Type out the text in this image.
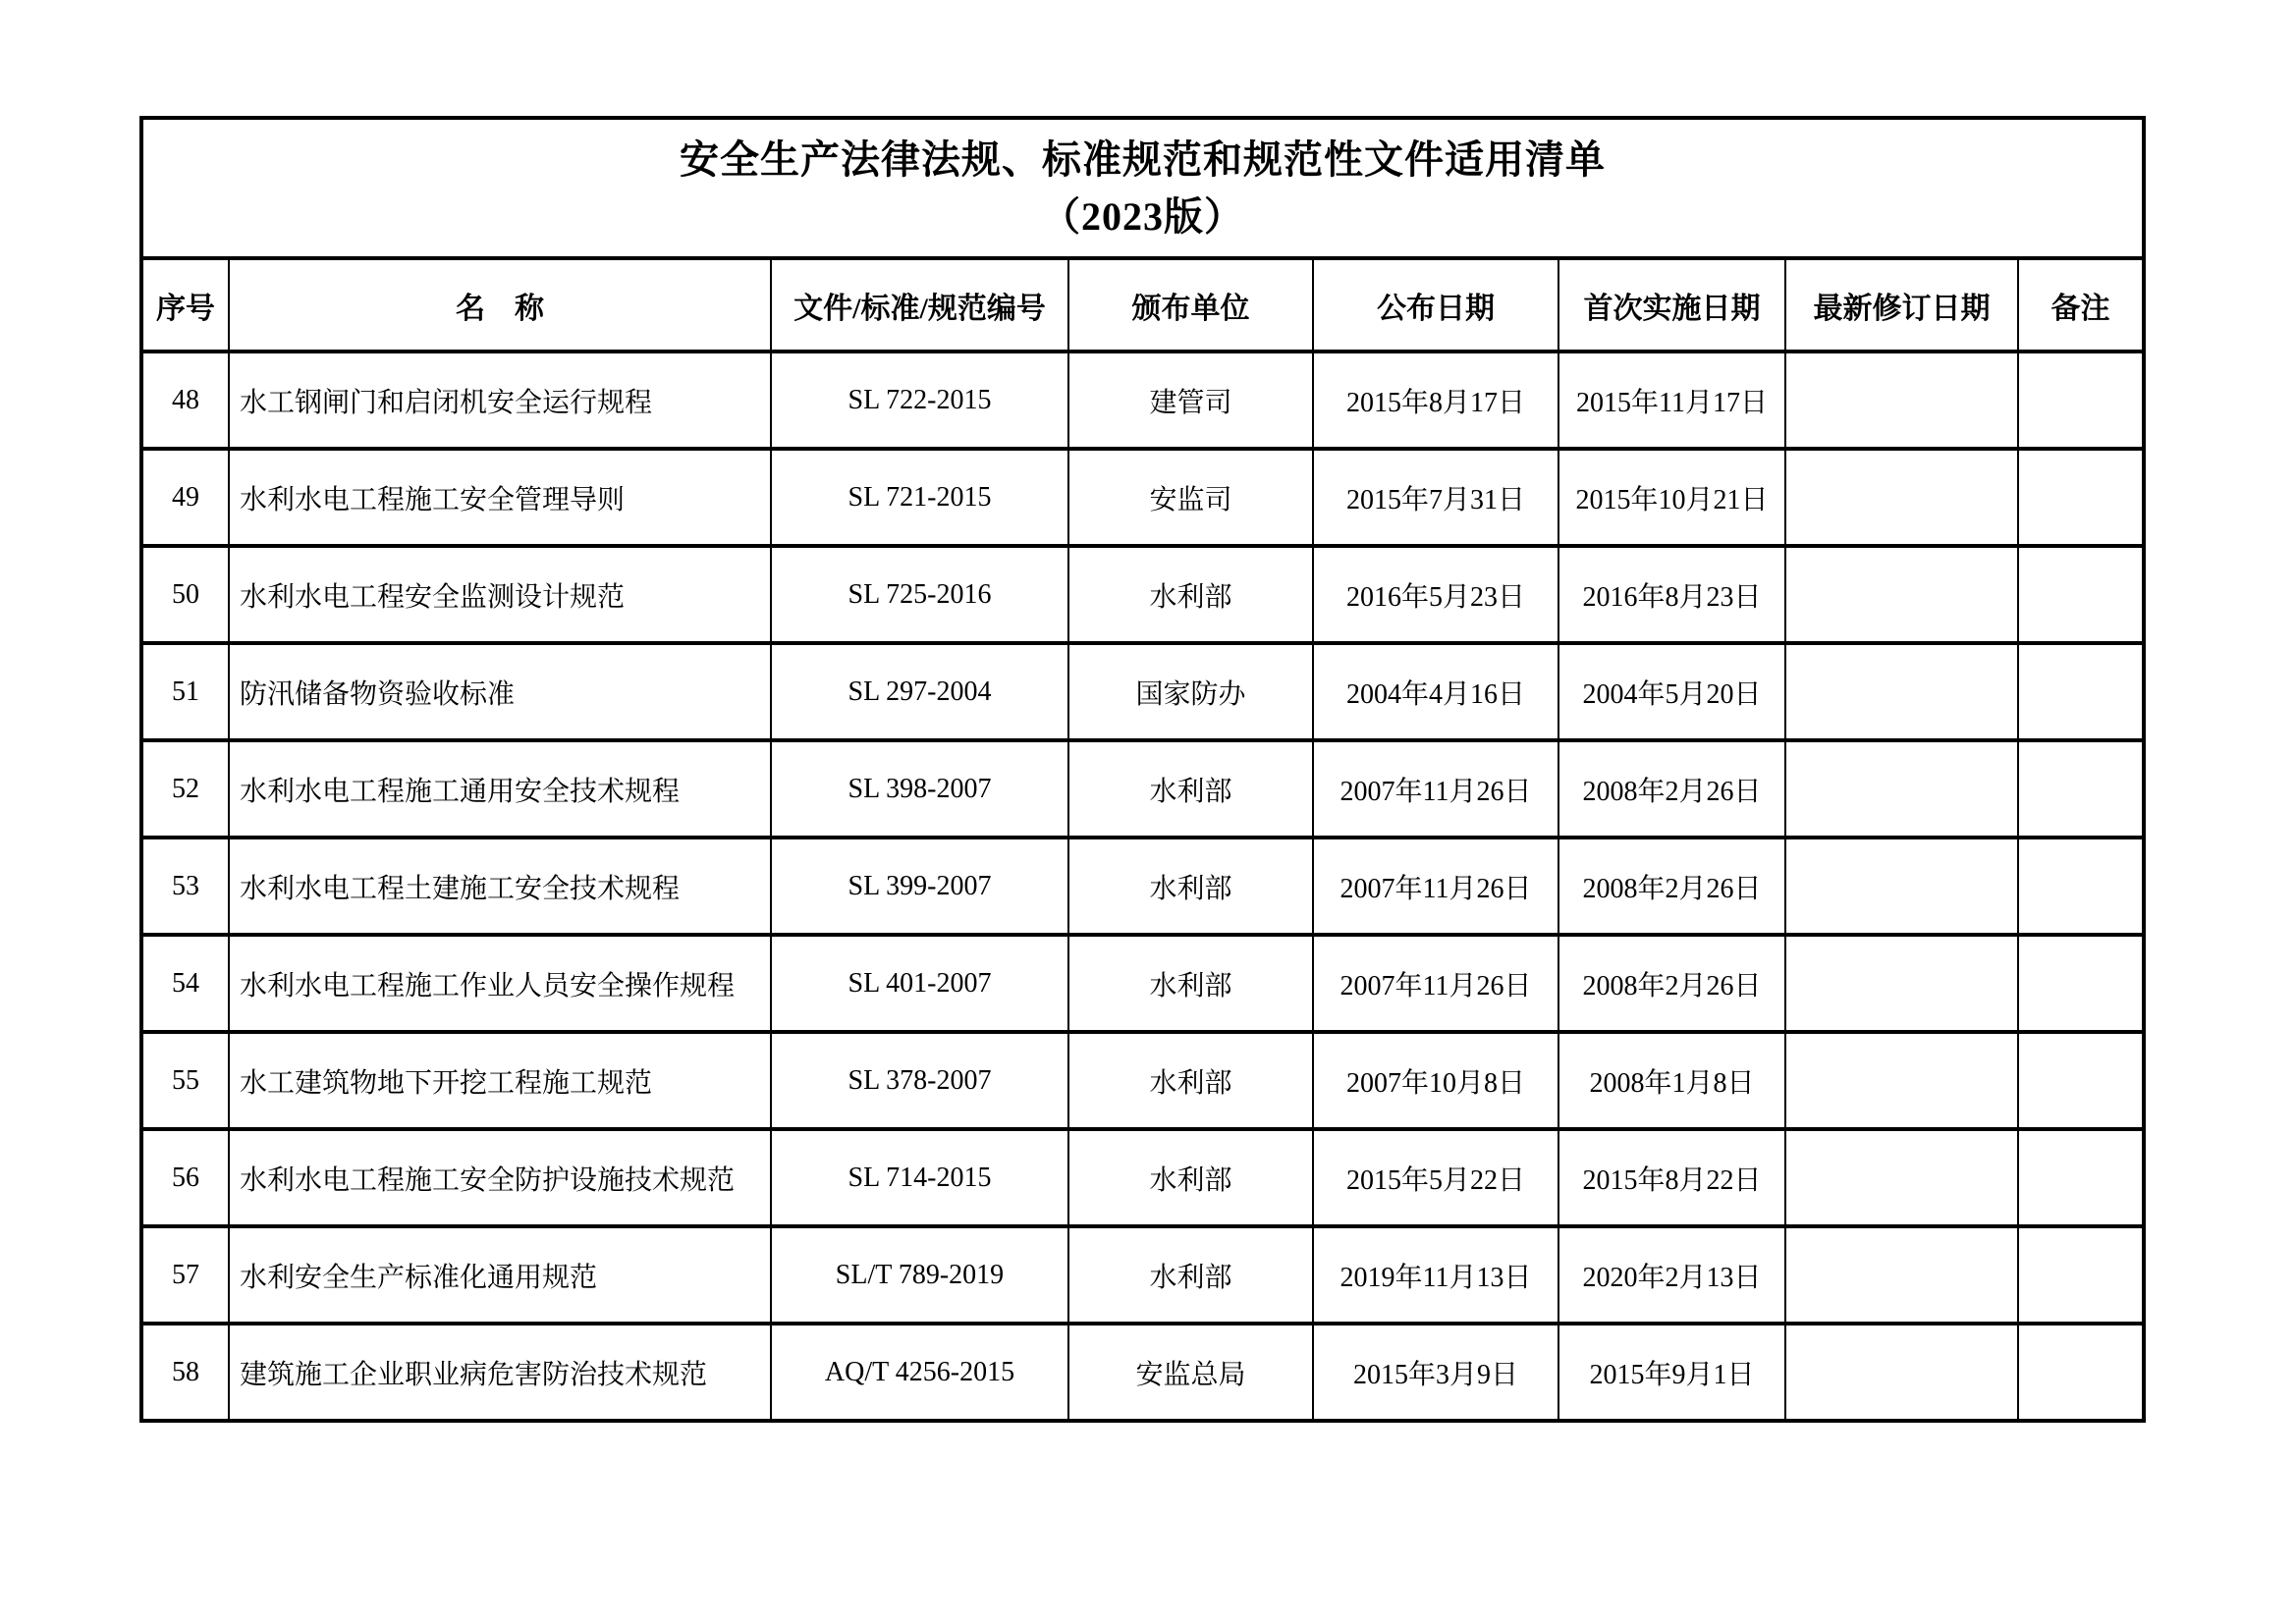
安全生产法律法规、标准规范和规范性文件适用清单
（2023版）							

序号	名　称	文件/标准/规范编号	颁布单位	公布日期	首次实施日期	最新修订日期	备注
48	水工钢闸门和启闭机安全运行规程	SL 722-2015	建管司	2015年8月17日	2015年11月17日		
49	水利水电工程施工安全管理导则	SL 721-2015	安监司	2015年7月31日	2015年10月21日		
50	水利水电工程安全监测设计规范	SL 725-2016	水利部	2016年5月23日	2016年8月23日		
51	防汛储备物资验收标准	SL 297-2004	国家防办	2004年4月16日	2004年5月20日		
52	水利水电工程施工通用安全技术规程	SL 398-2007	水利部	2007年11月26日	2008年2月26日		
53	水利水电工程土建施工安全技术规程	SL 399-2007	水利部	2007年11月26日	2008年2月26日		
54	水利水电工程施工作业人员安全操作规程	SL 401-2007	水利部	2007年11月26日	2008年2月26日		
55	水工建筑物地下开挖工程施工规范	SL 378-2007	水利部	2007年10月8日	2008年1月8日		
56	水利水电工程施工安全防护设施技术规范	SL 714-2015	水利部	2015年5月22日	2015年8月22日		
57	水利安全生产标准化通用规范	SL/T 789-2019	水利部	2019年11月13日	2020年2月13日		
58	建筑施工企业职业病危害防治技术规范	AQ/T 4256-2015	安监总局	2015年3月9日	2015年9月1日		
